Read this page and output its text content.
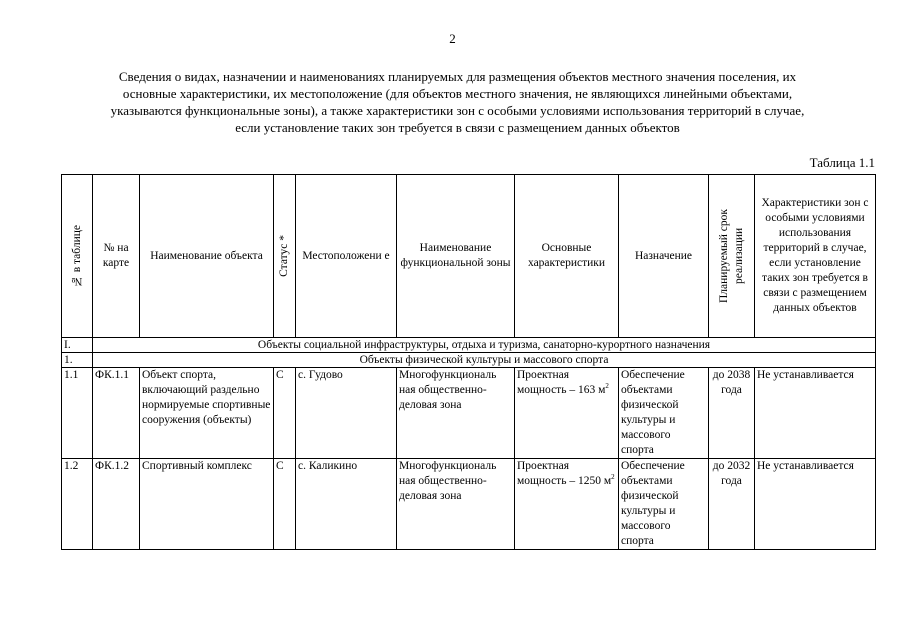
2
Сведения о видах, назначении и наименованиях планируемых для размещения объектов местного значения поселения, их
основные характеристики, их местоположение (для объектов местного значения, не являющихся линейными объектами,
указываются функциональные зоны), а также характеристики зон с особыми условиями использования территорий в случае,
если установление таких зон требуется в связи с размещением данных объектов
Таблица 1.1
№ в таблице	№ на карте	Наименование объекта	Статус *	Местоположени е	Наименование функциональной зоны	Основные характеристики	Назначение	Планируемый срок реализации	Характеристики зон с особыми условиями использования территорий в случае, если установление таких зон требуется в связи с размещением данных объектов
I.	Объекты социальной инфраструктуры, отдыха и туризма, санаторно-курортного назначения								
1.	Объекты физической культуры и массового спорта								
1.1	ФК.1.1	Объект спорта, включающий раздельно нормируемые спортивные сооружения (объекты)	С	с. Гудово	Многофункциональ ная общественно-деловая зона	Проектная мощность – 163 $м^2$	Обеспечение объектами физической культуры и массового спорта	до 2038 года	Не устанавливается
1.2	ФК.1.2	Спортивный комплекс	С	с. Каликино	Многофункциональ ная общественно-деловая зона	Проектная мощность – 1250 $м^2$	Обеспечение объектами физической культуры и массового спорта	до 2032 года	Не устанавливается
